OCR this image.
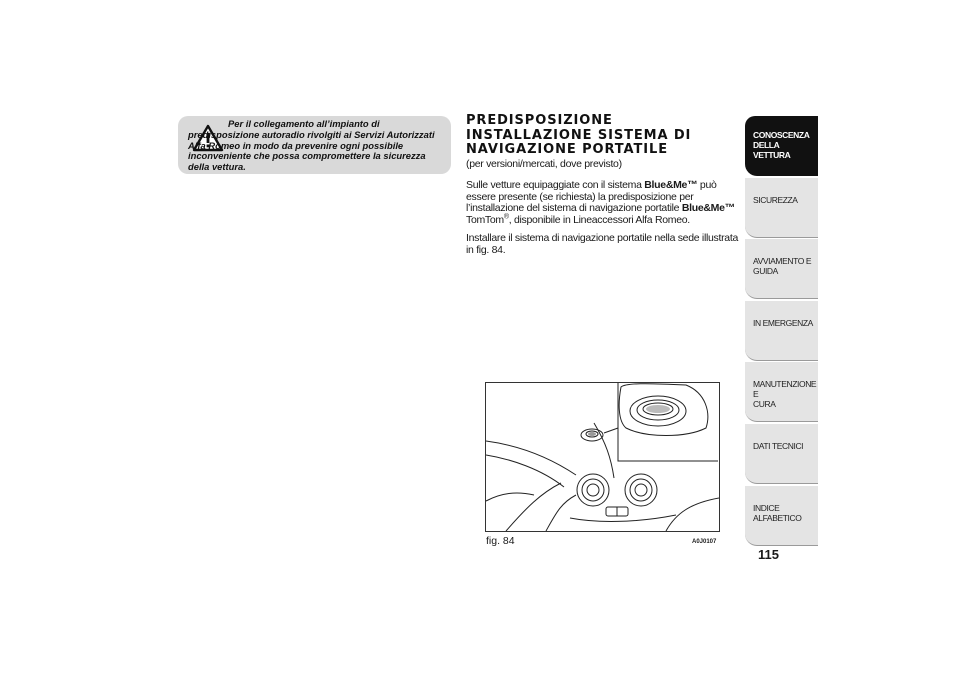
Per il collegamento all’impianto di predisposizione autoradio rivolgiti ai Servizi Autorizzati Alfa Romeo in modo da prevenire ogni possibile inconveniente che possa compromettere la sicurezza della vettura.
PREDISPOSIZIONE
INSTALLAZIONE SISTEMA DI
NAVIGAZIONE PORTATILE
(per versioni/mercati, dove previsto)
Sulle vetture equipaggiate con il sistema Blue&Me™ può essere presente (se richiesta) la predisposizione per l’installazione del sistema di navigazione portatile Blue&Me™ TomTom®, disponibile in Lineaccessori Alfa Romeo.
Installare il sistema di navigazione portatile nella sede illustrata in fig. 84.
fig. 84	A0J0107
CONOSCENZA
DELLA VETTURA
SICUREZZA
AVVIAMENTO E
GUIDA
IN EMERGENZA
MANUTENZIONE E
CURA
DATI TECNICI
INDICE ALFABETICO
115
